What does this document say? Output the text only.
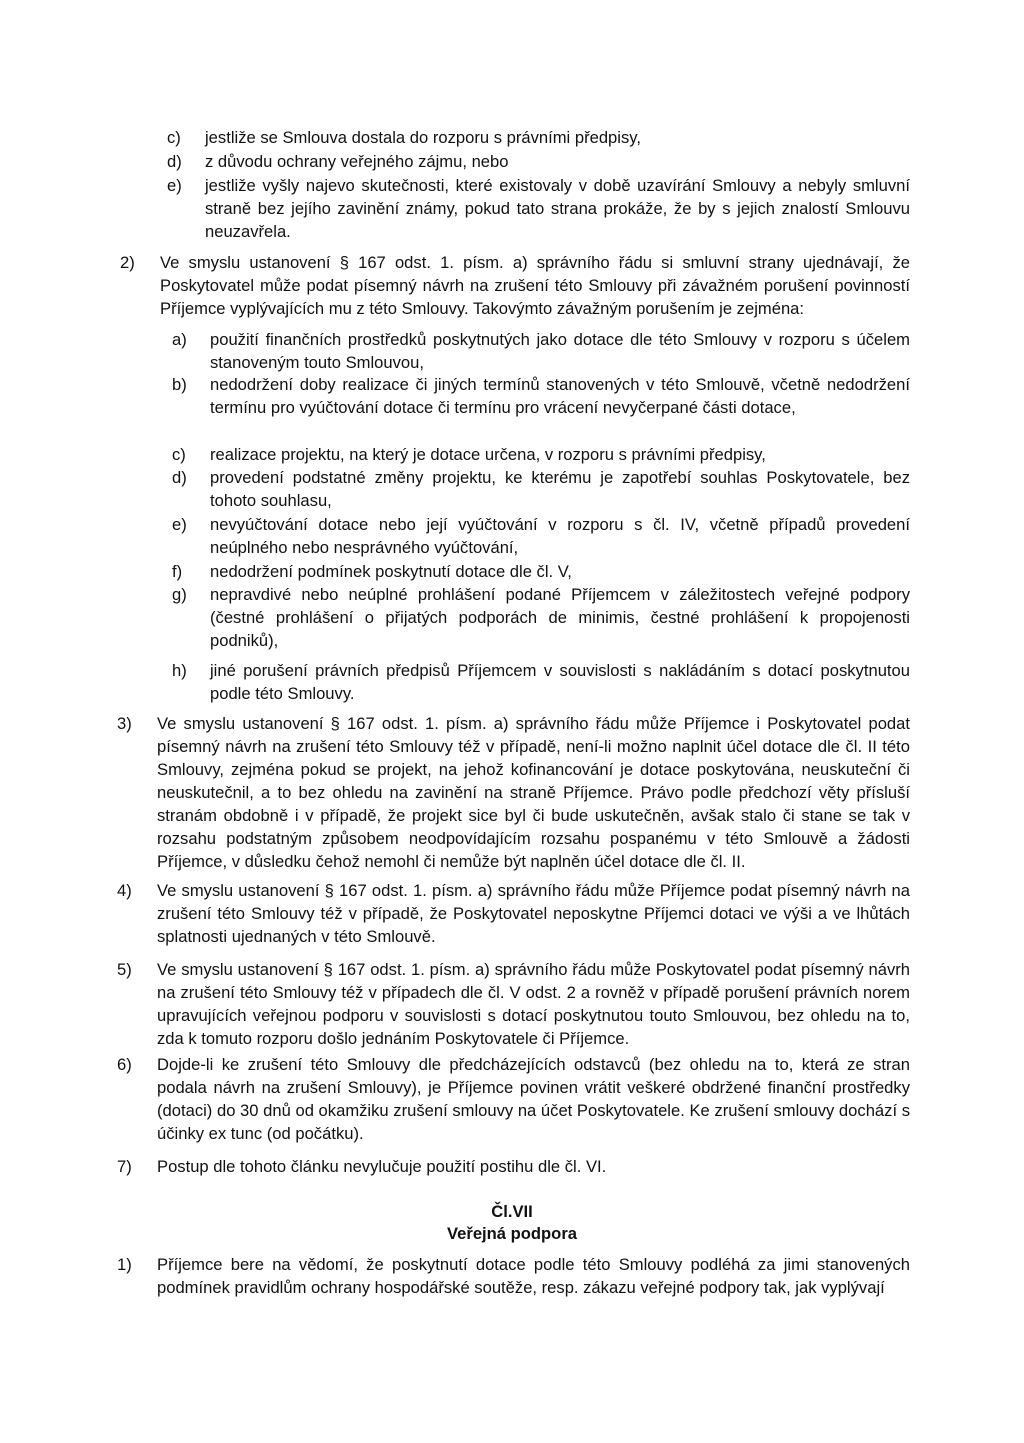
c)	jestliže se Smlouva dostala do rozporu s právními předpisy,
d)	z důvodu ochrany veřejného zájmu, nebo
e)	jestliže vyšly najevo skutečnosti, které existovaly v době uzavírání Smlouvy a nebyly smluvní straně bez jejího zavinění známy, pokud tato strana prokáže, že by s jejich znalostí Smlouvu neuzavřela.
2)	Ve smyslu ustanovení § 167 odst. 1. písm. a) správního řádu si smluvní strany ujednávají, že Poskytovatel může podat písemný návrh na zrušení této Smlouvy při závažném porušení povinností Příjemce vyplývajících mu z této Smlouvy. Takovýmto závažným porušením je zejména:
a)	použití finančních prostředků poskytnutých jako dotace dle této Smlouvy v rozporu s účelem stanoveným touto Smlouvou,
b)	nedodržení doby realizace či jiných termínů stanovených v této Smlouvě, včetně nedodržení termínu pro vyúčtování dotace či termínu pro vrácení nevyčerpané části dotace,
c)	realizace projektu, na který je dotace určena, v rozporu s právními předpisy,
d)	provedení podstatné změny projektu, ke kterému je zapotřebí souhlas Poskytovatele, bez tohoto souhlasu,
e)	nevyúčtování dotace nebo její vyúčtování v rozporu s čl. IV, včetně případů provedení neúplného nebo nesprávného vyúčtování,
f)	nedodržení podmínek poskytnutí dotace dle čl. V,
g)	nepravdivé nebo neúplné prohlášení podané Příjemcem v záležitostech veřejné podpory (čestné prohlášení o přijatých podporách de minimis, čestné prohlášení k propojenosti podniků),
h)	jiné porušení právních předpisů Příjemcem v souvislosti s nakládáním s dotací poskytnutou podle této Smlouvy.
3)	Ve smyslu ustanovení § 167 odst. 1. písm. a) správního řádu může Příjemce i Poskytovatel podat písemný návrh na zrušení této Smlouvy též v případě, není-li možno naplnit účel dotace dle čl. II této Smlouvy, zejména pokud se projekt, na jehož kofinancování je dotace poskytována, neuskuteční či neuskutečnil, a to bez ohledu na zavinění na straně Příjemce. Právo podle předchozí věty přísluší stranám obdobně i v případě, že projekt sice byl či bude uskutečněn, avšak stalo či stane se tak v rozsahu podstatným způsobem neodpovídajícím rozsahu pospanému v této Smlouvě a žádosti Příjemce, v důsledku čehož nemohl či nemůže být naplněn účel dotace dle čl. II.
4)	Ve smyslu ustanovení § 167 odst. 1. písm. a) správního řádu může Příjemce podat písemný návrh na zrušení této Smlouvy též v případě, že Poskytovatel neposkytne Příjemci dotaci ve výši a ve lhůtách splatnosti ujednaných v této Smlouvě.
5)	Ve smyslu ustanovení § 167 odst. 1. písm. a) správního řádu může Poskytovatel podat písemný návrh na zrušení této Smlouvy též v případech dle čl. V odst. 2 a rovněž v případě porušení právních norem upravujících veřejnou podporu v souvislosti s dotací poskytnutou touto Smlouvou, bez ohledu na to, zda k tomuto rozporu došlo jednáním Poskytovatele či Příjemce.
6)	Dojde-li ke zrušení této Smlouvy dle předcházejících odstavců (bez ohledu na to, která ze stran podala návrh na zrušení Smlouvy), je Příjemce povinen vrátit veškeré obdržené finanční prostředky (dotaci) do 30 dnů od okamžiku zrušení smlouvy na účet Poskytovatele. Ke zrušení smlouvy dochází s účinky ex tunc (od počátku).
7)	Postup dle tohoto článku nevylučuje použití postihu dle čl. VI.
Čl.VII
Veřejná podpora
1)	Příjemce bere na vědomí, že poskytnutí dotace podle této Smlouvy podléhá za jimi stanovených podmínek pravidlům ochrany hospodářské soutěže, resp. zákazu veřejné podpory tak, jak vyplývají
